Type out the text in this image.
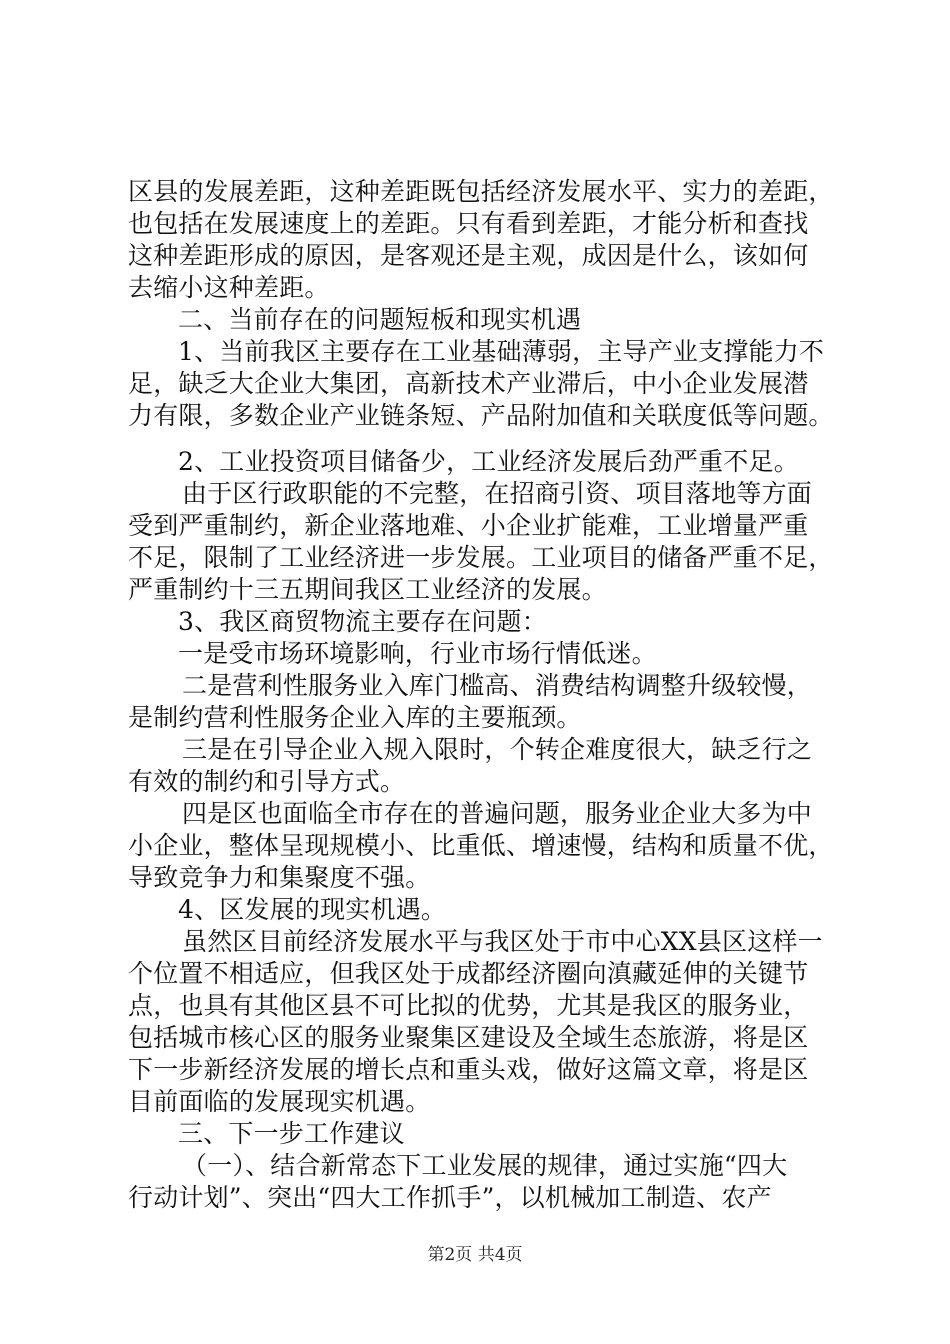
区县的发展差距，这种差距既包括经济发展水平、实力的差距，
也包括在发展速度上的差距。只有看到差距，才能分析和查找
这种差距形成的原因，是客观还是主观，成因是什么，该如何
去缩小这种差距。
二、当前存在的问题短板和现实机遇
1、当前我区主要存在工业基础薄弱，主导产业支撑能力不
足，缺乏大企业大集团，高新技术产业滞后，中小企业发展潜
力有限，多数企业产业链条短、产品附加值和关联度低等问题。
2、工业投资项目储备少，工业经济发展后劲严重不足。
由于区行政职能的不完整，在招商引资、项目落地等方面
受到严重制约，新企业落地难、小企业扩能难，工业增量严重
不足，限制了工业经济进一步发展。工业项目的储备严重不足，
严重制约十三五期间我区工业经济的发展。
3、我区商贸物流主要存在问题：
一是受市场环境影响，行业市场行情低迷。
二是营利性服务业入库门槛高、消费结构调整升级较慢，
是制约营利性服务企业入库的主要瓶颈。
三是在引导企业入规入限时，个转企难度很大，缺乏行之
有效的制约和引导方式。
四是区也面临全市存在的普遍问题，服务业企业大多为中
小企业，整体呈现规模小、比重低、增速慢，结构和质量不优，
导致竞争力和集聚度不强。
4、区发展的现实机遇。
虽然区目前经济发展水平与我区处于市中心XX县区这样一
个位置不相适应，但我区处于成都经济圈向滇藏延伸的关键节
点，也具有其他区县不可比拟的优势，尤其是我区的服务业，
包括城市核心区的服务业聚集区建设及全域生态旅游，将是区
下一步新经济发展的增长点和重头戏，做好这篇文章，将是区
目前面临的发展现实机遇。
三、下一步工作建议
（一）、结合新常态下工业发展的规律，通过实施“四大
行动计划”、突出“四大工作抓手”，以机械加工制造、农产
第2页 共4页
